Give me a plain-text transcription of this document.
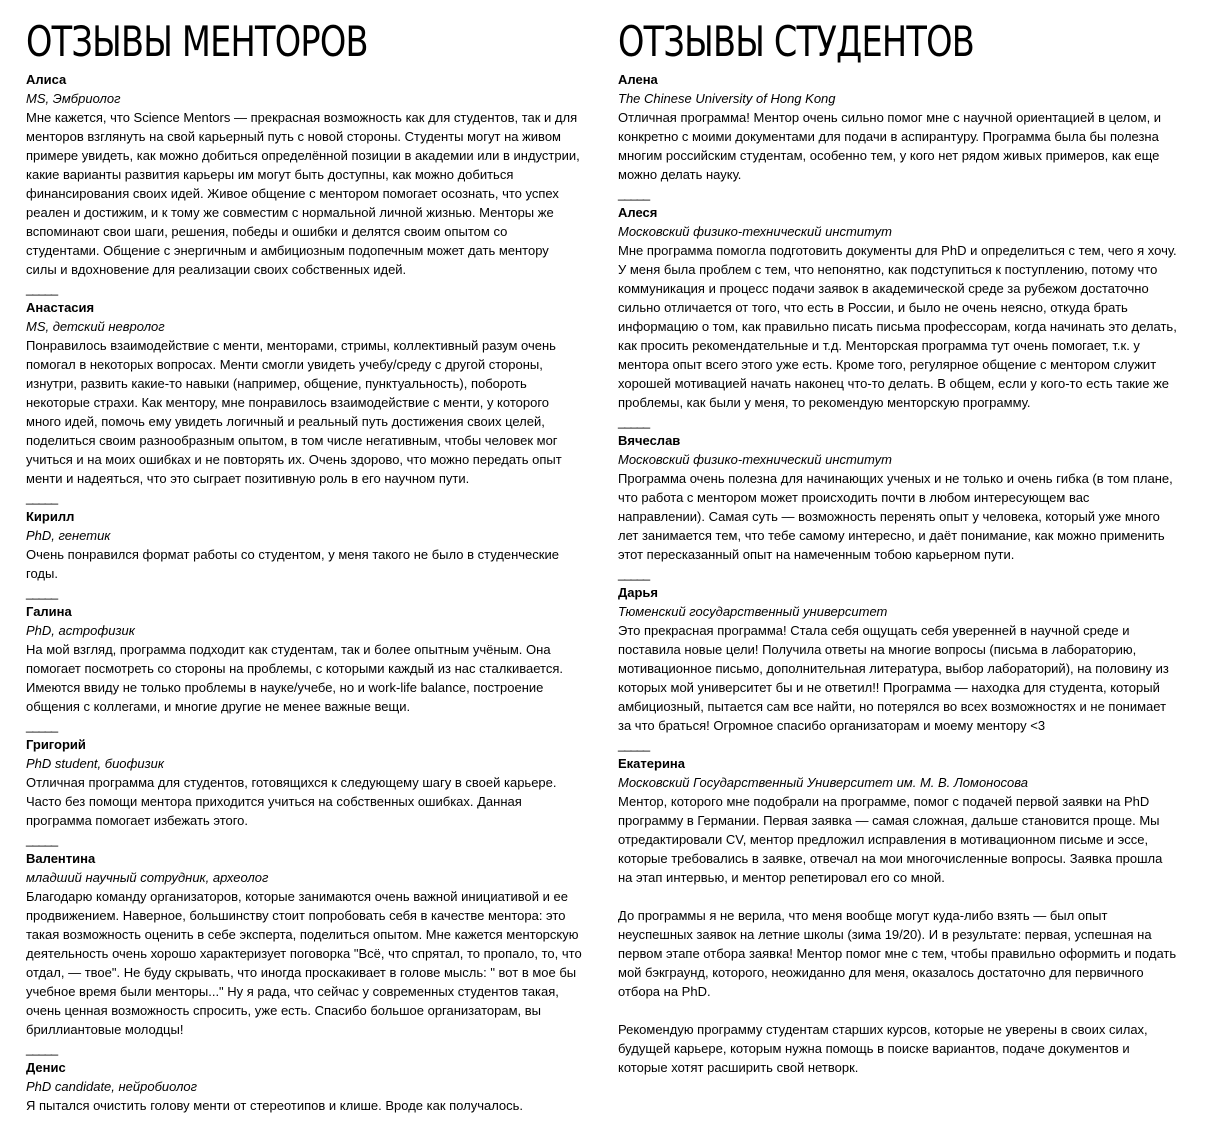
ОТЗЫВЫ МЕНТОРОВ
Алиса
MS, Эмбриолог

Мне кажется, что Science Mentors — прекрасная возможность как для студентов, так и для менторов взглянуть на свой карьерный путь с новой стороны. Студенты могут на живом примере увидеть, как можно добиться определённой позиции в академии или в индустрии, какие варианты развития карьеры им могут быть доступны, как можно добиться финансирования своих идей. Живое общение с ментором помогает осознать, что успех реален и достижим, и к тому же совместим с нормальной личной жизнью. Менторы же вспоминают свои шаги, решения, победы и ошибки и делятся своим опытом со студентами. Общение с энергичным и амбициозным подопечным может дать ментору силы и вдохновение для реализации своих собственных идей.

_____
Анастасия
MS, детский невролог

Понравилось взаимодействие с менти, менторами, стримы, коллективный разум очень помогал в некоторых вопросах. Менти смогли увидеть учебу/среду с другой стороны, изнутри, развить какие-то навыки (например, общение, пунктуальность), побороть некоторые страхи. Как ментору, мне понравилось взаимодействие с менти, у которого много идей, помочь ему увидеть логичный и реальный путь достижения своих целей, поделиться своим разнообразным опытом, в том числе негативным, чтобы человек мог учиться и на моих ошибках и не повторять их. Очень здорово, что можно передать опыт менти и надеяться, что это сыграет позитивную роль в его научном пути.

_____
Кирилл
PhD, генетик

Очень понравился формат работы со студентом, у меня такого не было в студенческие годы.

_____
Галина
PhD, астрофизик

На мой взгляд, программа подходит как студентам, так и более опытным учёным. Она помогает посмотреть со стороны на проблемы, с которыми каждый из нас сталкивается. Имеются ввиду не только проблемы в науке/учебе, но и work-life balance, построение общения с коллегами, и многие другие не менее важные вещи.

_____
Григорий
PhD student, биофизик

Отличная программа для студентов, готовящихся к следующему шагу в своей карьере. Часто без помощи ментора приходится учиться на собственных ошибках. Данная программа помогает избежать этого.

_____
Валентина
младший научный сотрудник, археолог

Благодарю команду организаторов, которые занимаются очень важной инициативой и ее продвижением. Наверное, большинству стоит попробовать себя в качестве ментора: это такая возможность оценить в себе эксперта, поделиться опытом. Мне кажется менторскую деятельность очень хорошо характеризует поговорка "Всё, что спрятал, то пропало, то, что отдал, — твое". Не буду скрывать, что иногда проскакивает в голове мысль: " вот в мое бы учебное время были менторы..." Ну я рада, что сейчас у современных студентов такая, очень ценная возможность спросить, уже есть. Спасибо большое организаторам, вы бриллиантовые молодцы!

_____
Денис
PhD candidate, нейробиолог

Я пытался очистить голову менти от стереотипов и клише. Вроде как получалось.

ОТЗЫВЫ СТУДЕНТОВ
Алена
The Chinese University of Hong Kong

Отличная программа! Ментор очень сильно помог мне с научной ориентацией в целом, и конкретно с моими документами для подачи в аспирантуру. Программа была бы полезна многим российским студентам, особенно тем, у кого нет рядом живых примеров, как еще можно делать науку.

_____
Алеся
Московский физико-технический институт

Мне программа помогла подготовить документы для PhD и определиться с тем, чего я хочу. У меня была проблем с тем, что непонятно, как подступиться к поступлению, потому что коммуникация и процесс подачи заявок в академической среде за рубежом достаточно сильно отличается от того, что есть в России, и было не очень неясно, откуда брать информацию о том, как правильно писать письма профессорам, когда начинать это делать, как просить рекомендательные и т.д. Менторская программа тут очень помогает, т.к. у ментора опыт всего этого уже есть. Кроме того, регулярное общение с ментором служит хорошей мотивацией начать наконец что-то делать. В общем, если у кого-то есть такие же проблемы, как были у меня, то рекомендую менторскую программу.

_____
Вячеслав
Московский физико-технический институт

Программа очень полезна для начинающих ученых и не только и очень гибка (в том плане, что работа с ментором может происходить почти в любом интересующем вас направлении). Самая суть — возможность перенять опыт у человека, который уже много лет занимается тем, что тебе самому интересно, и даёт понимание, как можно применить этот пересказанный опыт на намеченным тобою карьерном пути.

_____
Дарья
Тюменский государственный университет

Это прекрасная программа! Стала себя ощущать себя уверенней в научной среде и поставила новые цели! Получила ответы на многие вопросы (письма в лабораторию, мотивационное письмо, дополнительная литература, выбор лабораторий), на половину из которых мой университет бы и не ответил!! Программа — находка для студента, который амбициозный, пытается сам все найти, но потерялся во всех возможностях и не понимает за что браться! Огромное спасибо организаторам и моему ментору <3

_____
Екатерина
Московский Государственный Университет им. М. В. Ломоносова

Ментор, которого мне подобрали на программе, помог с подачей первой заявки на PhD программу в Германии. Первая заявка — самая сложная, дальше становится проще. Мы отредактировали CV, ментор предложил исправления в мотивационном письме и эссе, которые требовались в заявке, отвечал на мои многочисленные вопросы. Заявка прошла на этап интервью, и ментор репетировал его со мной.

До программы я не верила, что меня вообще могут куда-либо взять — был опыт неуспешных заявок на летние школы (зима 19/20). И в результате: первая, успешная на первом этапе отбора заявка! Ментор помог мне с тем, чтобы правильно оформить и подать мой бэкграунд, которого, неожиданно для меня, оказалось достаточно для первичного отбора на PhD.

Рекомендую программу студентам старших курсов, которые не уверены в своих силах, будущей карьере, которым нужна помощь в поиске вариантов, подаче документов и которые хотят расширить свой нетворк.
